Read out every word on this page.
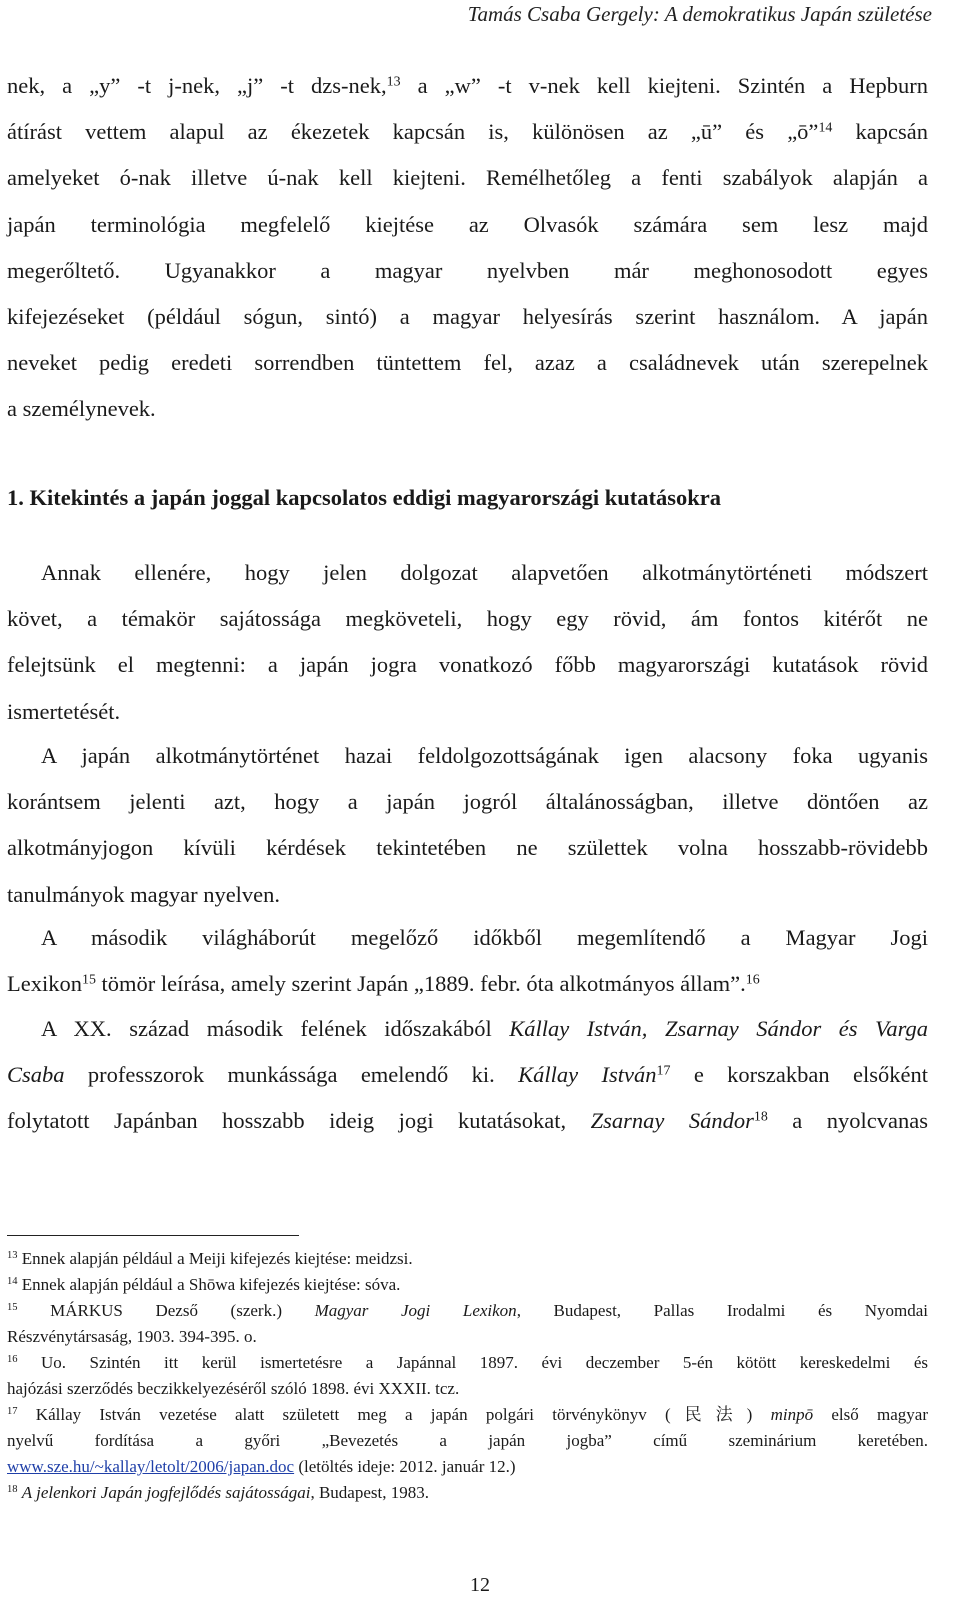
Tamás Csaba Gergely: A demokratikus Japán születése
nek, a „y” -t j-nek, „j” -t dzs-nek,$^{13}$ a „w” -t v-nek kell kiejteni. Szintén a Hepburn
átírást vettem alapul az ékezetek kapcsán is, különösen az „ū” és „ō”$^{14}$ kapcsán
amelyeket ó-nak illetve ú-nak kell kiejteni. Remélhetőleg a fenti szabályok alapján a
japán terminológia megfelelő kiejtése az Olvasók számára sem lesz majd
megerőltető. Ugyanakkor a magyar nyelvben már meghonosodott egyes
kifejezéseket (például sógun, sintó) a magyar helyesírás szerint használom. A japán
neveket pedig eredeti sorrendben tüntettem fel, azaz a családnevek után szerepelnek
a személynevek.
1. Kitekintés a japán joggal kapcsolatos eddigi magyarországi kutatásokra
Annak ellenére, hogy jelen dolgozat alapvetően alkotmánytörténeti módszert
követ, a témakör sajátossága megköveteli, hogy egy rövid, ám fontos kitérőt ne
felejtsünk el megtenni: a japán jogra vonatkozó főbb magyarországi kutatások rövid
ismertetését.
A japán alkotmánytörténet hazai feldolgozottságának igen alacsony foka ugyanis
korántsem jelenti azt, hogy a japán jogról általánosságban, illetve döntően az
alkotmányjogon kívüli kérdések tekintetében ne születtek volna hosszabb-rövidebb
tanulmányok magyar nyelven.
A második világháborút megelőző időkből megemlítendő a Magyar Jogi
Lexikon$^{15}$ tömör leírása, amely szerint Japán „1889. febr. óta alkotmányos állam”.$^{16}$
A XX. század második felének időszakából Kállay István, Zsarnay Sándor és Varga
Csaba professzorok munkássága emelendő ki. Kállay István$^{17}$ e korszakban elsőként
folytatott Japánban hosszabb ideig jogi kutatásokat, Zsarnay Sándor$^{18}$ a nyolcvanas
$^{13}$ Ennek alapján például a Meiji kifejezés kiejtése: meidzsi.
$^{14}$ Ennek alapján például a Shōwa kifejezés kiejtése: sóva.
$^{15}$ MÁRKUS Dezső (szerk.) Magyar Jogi Lexikon, Budapest, Pallas Irodalmi és Nyomdai
Részvénytársaság, 1903. 394-395. o.
$^{16}$ Uo. Szintén itt kerül ismertetésre a Japánnal 1897. évi deczember 5-én kötött kereskedelmi és
hajózási szerződés beczikkelyezéséről szóló 1898. évi XXXII. tcz.
$^{17}$ Kállay István vezetése alatt született meg a japán polgári törvénykönyv (民法) minpō első magyar
nyelvű fordítása a győri „Bevezetés a japán jogba” című szeminárium keretében.
www.sze.hu/~kallay/letolt/2006/japan.doc (letöltés ideje: 2012. január 12.)
$^{18}$ A jelenkori Japán jogfejlődés sajátosságai, Budapest, 1983.
12
